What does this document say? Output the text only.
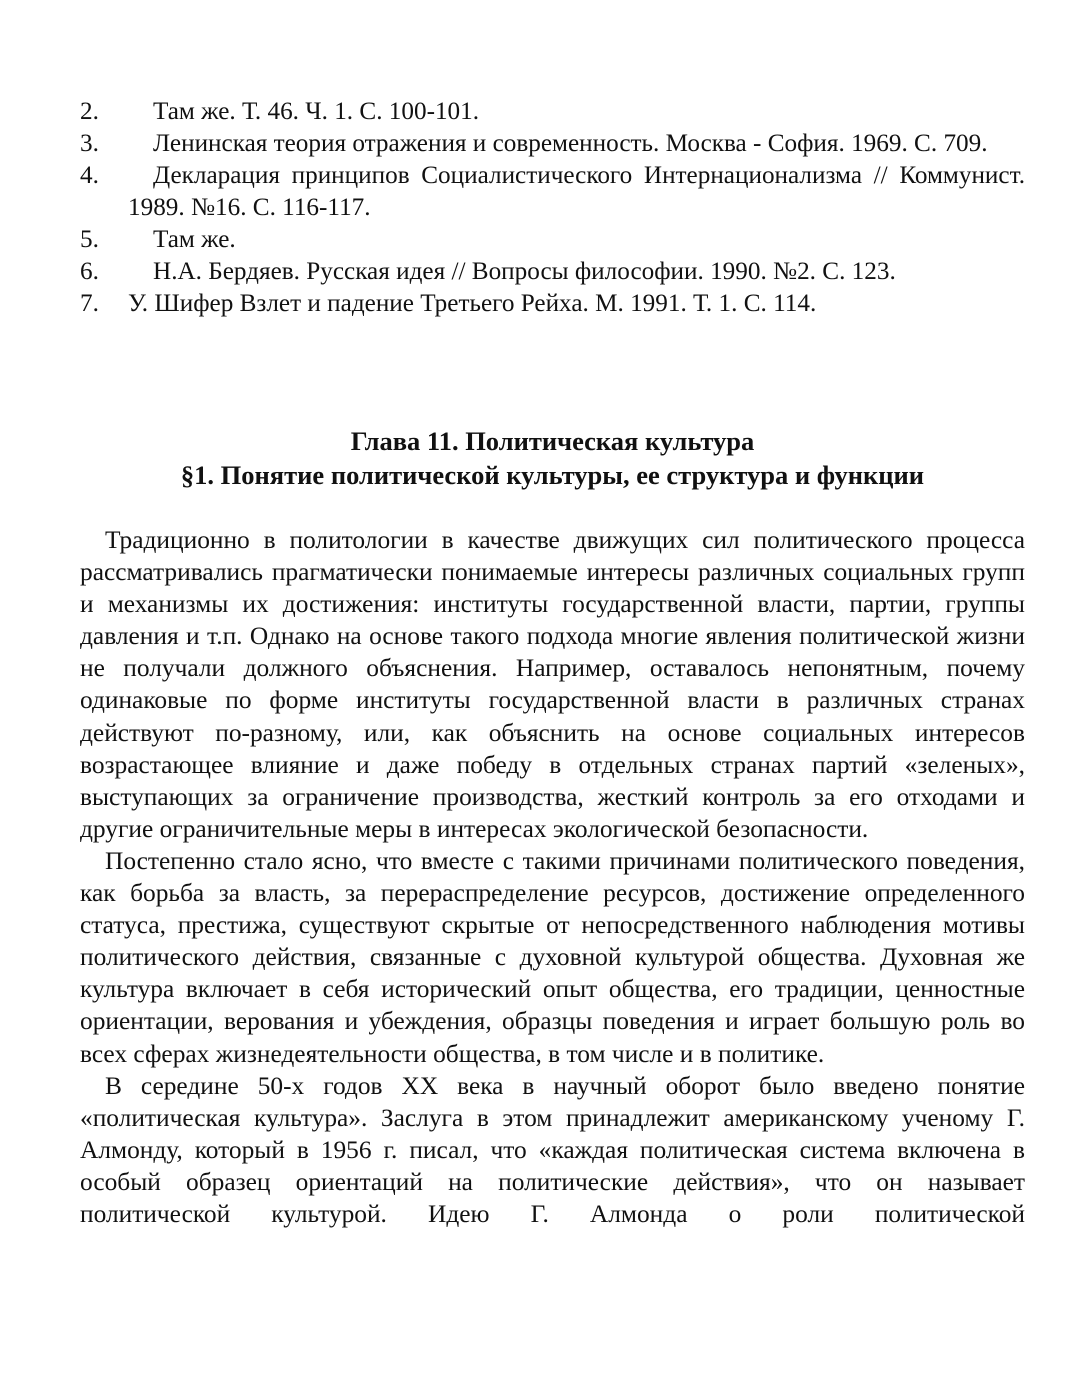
2.	Там же. Т. 46. Ч. 1. С. 100-101.
3.	Ленинская теория отражения и современность. Москва - София. 1969. С. 709.
4.	Декларация принципов Социалистического Интернационализма // Коммунист. 1989. №16. С. 116-117.
5.	Там же.
6.	Н.А. Бердяев. Русская идея // Вопросы философии. 1990. №2. С. 123.
7.	У. Шифер Взлет и падение Третьего Рейха. М. 1991. Т. 1. С. 114.
Глава 11. Политическая культура
§1. Понятие политической культуры, ее структура и функции

Традиционно в политологии в качестве движущих сил политического процесса рассматривались прагматически понимаемые интересы различных социальных групп и механизмы их достижения: институты государственной власти, партии, группы давления и т.п. Однако на основе такого подхода многие явления политической жизни не получали должного объяснения. Например, оставалось непонятным, почему одинаковые по форме институты государственной власти в различных странах действуют по-разному, или, как объяснить на основе социальных интересов возрастающее влияние и даже победу в отдельных странах партий «зеленых», выступающих за ограничение производства, жесткий контроль за его отходами и другие ограничительные меры в интересах экологической безопасности.

Постепенно стало ясно, что вместе с такими причинами политического поведения, как борьба за власть, за перераспределение ресурсов, достижение определенного статуса, престижа, существуют скрытые от непосредственного наблюдения мотивы политического действия, связанные с духовной культурой общества. Духовная же культура включает в себя исторический опыт общества, его традиции, ценностные ориентации, верования и убеждения, образцы поведения и играет большую роль во всех сферах жизнедеятельности общества, в том числе и в политике.

В середине 50-х годов XX века в научный оборот было введено понятие «политическая культура». Заслуга в этом принадлежит американскому ученому Г. Алмонду, который в 1956 г. писал, что «каждая политическая система включена в особый образец ориентаций на политические действия», что он называет политической культурой. Идею Г. Алмонда о роли политической
